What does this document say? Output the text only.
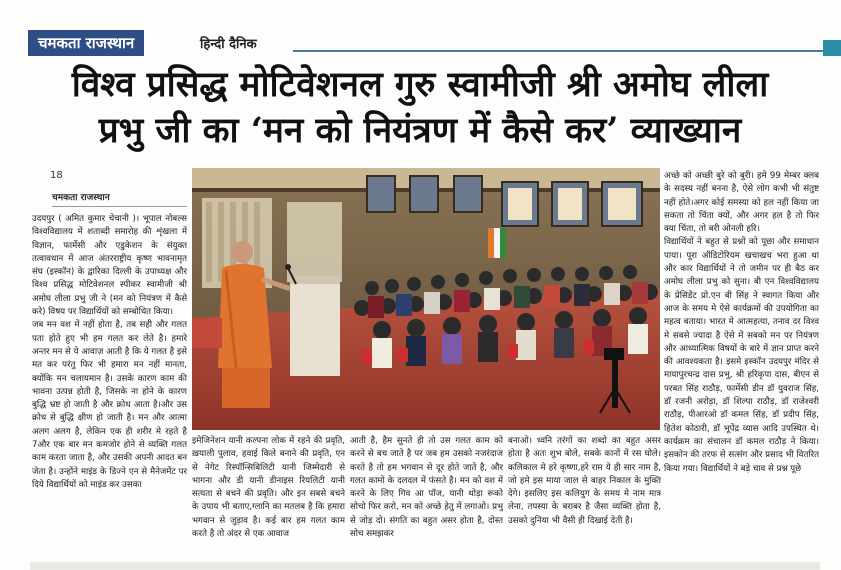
चमकता राजस्थान	हिन्दी दैनिक
विश्व प्रसिद्ध मोटिवेशनल गुरु स्वामीजी श्री अमोघ लीला
प्रभु जी का ‘मन को नियंत्रण में कैसे कर’ व्याख्यान
18
चमकता राजस्थान

उदयपुर ( अमित कुमार चेचानी )। भूपाल नोबल्स विश्वविद्यालय में शताब्दी समारोह की शृंखला में विज्ञान, फार्मेसी और एडुकेशन के संयुक्त तत्वावधान में आज अंतरराष्ट्रीय कृष्ण भावनामृत संघ (इस्कॉन) के द्वारिका दिल्ली के उपाध्यक्ष और विश्व प्रसिद्ध मोटिवेशनल स्पीकर स्वामीजी श्री अमोघ लीला प्रभु जी ने (मन को नियंत्रण में कैसे करे) विषय पर विद्यार्थियों को सम्बोधित किया।

जब मन वश में नहीं होता है, तब सही और गलत पता होते हुए भी हम गलत कर लेते है। हमारे अन्तर मन से ये आवाज़ आती है कि ये गलत है इसे मत कर परंतु फिर भी हमारा मन नहीं मानता, क्योंकि मन चलायमान है। उसके कारण काम की भावना उत्पन्न होती है, जिसके ना होने के कारण बुद्धि भ्रष्ट हो जाती है और क्रोध आता है।और उस क्रोध से बुद्धि क्षीण हो जाती है। मन और आत्मा अलग अलग है, लेकिन एक ही शरीर मे रहते है 7और एक बार मन कमजोर होने से व्यक्ति गलत काम करता जाता है, और उसकी अपनी आदत बन जेता है। उन्होंने माइंड के डिज्ने एन से मैनेजमेंट पर दिये विद्यार्थियों को माइंड कर उसका

इमेजिनेशन यानी कल्पना लोक में रहने की प्रवृति, ख़याली पुलाव, हवाई किले बनाने की प्रवृति, एन से नेगेट रिस्पॉन्सिबिलिटी यानी जिम्मेदारी से भागना और डी यानी डीनाइस रियलिटी यानी सत्यता से बचने की प्रवृति। और इन सबसे बचने के उपाय भी बताए,ग्लानि का मतलब है कि हमारा भगवान से जुड़ाव है। कई बार हम गलत काम करते है तो अंदर से एक आवाज
आती है, हैम सुनते ही तो उस गलत काम को करने से बच जाते है पर जब हम उसको नजरंदाज करते है तो हम भगवान से दूर होते जाते है, और गलत कामो के दलदल में फंसते है। मन को वश में करने के लिए गिव आ पॉज, यानी थोड़ा रूको सोचो फिर करो, मन को अच्छे हेतु में लगाओ। प्रभु से जोड़ दो। संगति का बहुत असर होता है, दोस्त सोच समझकर
बनाओ। ध्वनि तरंगों का शब्दो का बहुत असर होता है अतः शुभ बोले, सबके कानों में रस घोले। कलिकाल मे हरे कृष्णा,हरे राम ये ही सार नाम है, जो हमे इस माया जाल से बाहर निकाल के मुक्ति देंगे। इसलिए इस कलियुग के समय मे नाम मात्र लेना, तपस्या के बराबर है जैसा व्यक्ति होता है, उसको दुनिया भी वैसी ही दिखाई देती है।

अच्छे को अच्छी बुरे को बुरी। हमे 99 मेम्बर क्लब के सदस्य नहीं बनना है, ऐसे लोग कभी भी संतुष्ट नहीं होते।अगर कोई समस्या को हल नहीं किया जा सकता तो चिंता क्यों, और अगर हल है तो फिर क्या चिंता, तो बरी ओनली हरि।

विद्यार्थियों ने बहुत से प्रश्नों को पूछा और समाधान पाया। पूरा ऑडिटोरियम खचाखच भरा हुआ था और कार विद्यार्थियों ने तो जमीन पर ही बैठ कर अमोघ लीला प्रभु को सुना। बी एन विश्वविद्यालय के प्रेसिडेंट प्रो.एन बी सिंह ने स्वागत किया और आज के समय मे ऐसे कार्यक्रमों की उपयोगिता का महत्व बताया। भारत मे आत्महत्या, तनाव दर विश्व मे सबसे ज्यादा है ऐसे में सबको मन पर नियंत्रण और आध्यात्मिक विषयों के बारे में ज्ञान प्राप्त करने की आवश्यकता है। इसमे इस्कॉन उदयपुर मंदिर से मायापुरचन्द्र दास प्रभु, श्री हरिकृपा दास, बीएन से परबत सिंह राठौड़, फार्मेसी डीन डॉ युवराज सिंह, डॉ रजनी अरोड़ा, डॉ शिल्पा राठौड़, डॉ राजेश्वरी राठौड़, पीआरओ डॉ कमल सिंह, डॉ प्रदीप सिंह, हितेश कोठारी, डॉ भूपेंद्र व्यास आदि उपस्थित थे। कार्यक्रम का संचालन डॉ कमल राठौड़ ने किया। इसकोन की तरफ से सत्संग और प्रसाद भी वितरित किया गया। विद्यार्थियों ने बड़े चाव से प्रश्न पूछे
